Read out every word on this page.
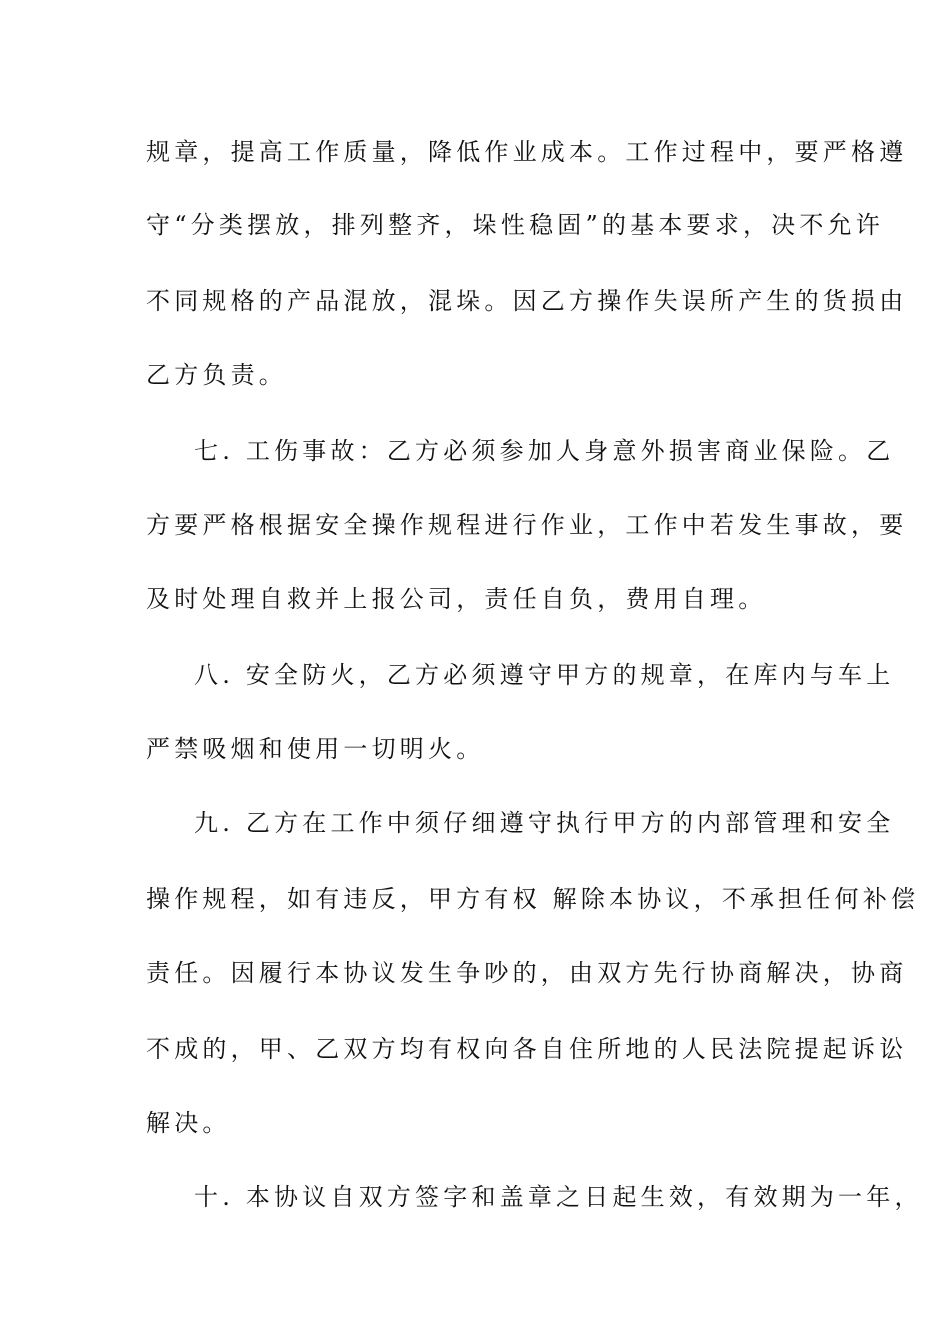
规章，提高工作质量，降低作业成本。工作过程中，要严格遵
守“分类摆放，排列整齐，垛性稳固”的基本要求，决不允许
不同规格的产品混放，混垛。因乙方操作失误所产生的货损由
乙方负责。
七. 工伤事故：乙方必须参加人身意外损害商业保险。乙
方要严格根据安全操作规程进行作业，工作中若发生事故，要
及时处理自救并上报公司，责任自负，费用自理。
八. 安全防火，乙方必须遵守甲方的规章，在库内与车上
严禁吸烟和使用一切明火。
九. 乙方在工作中须仔细遵守执行甲方的内部管理和安全
操作规程，如有违反，甲方有权 解除本协议，不承担任何补偿
责任。因履行本协议发生争吵的，由双方先行协商解决，协商
不成的，甲、乙双方均有权向各自住所地的人民法院提起诉讼
解决。
十. 本协议自双方签字和盖章之日起生效，有效期为一年，
